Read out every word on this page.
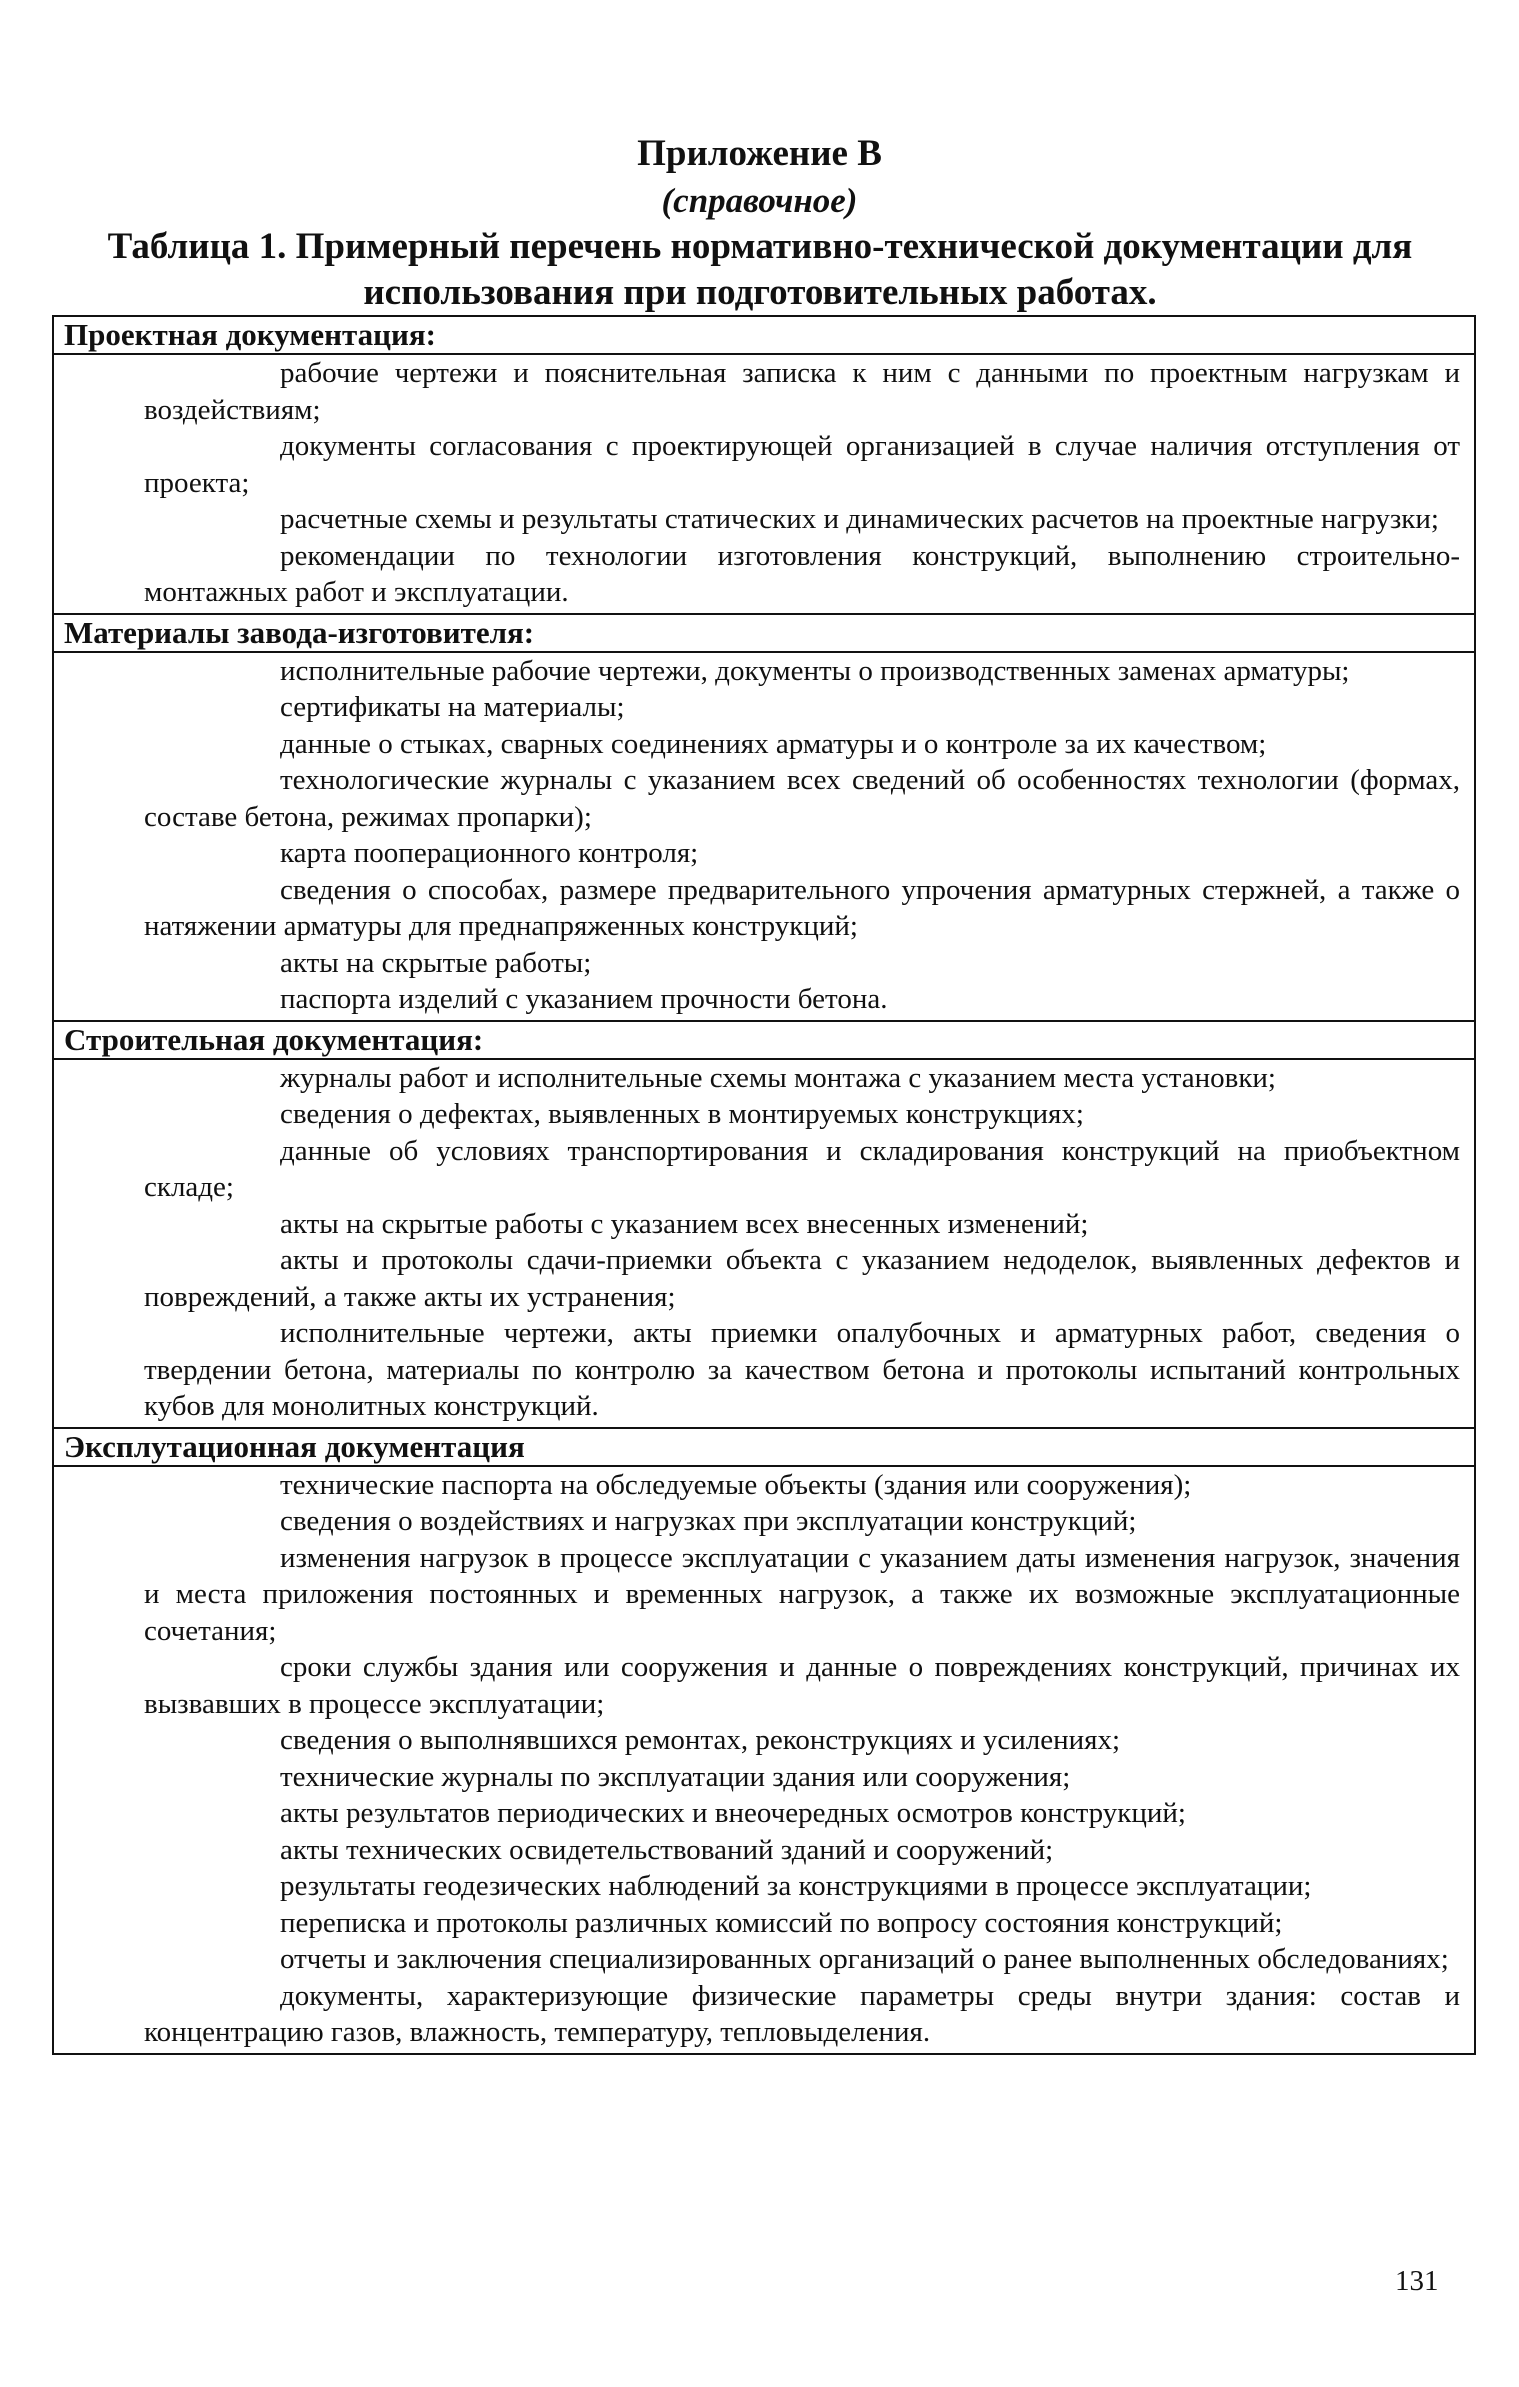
Приложение В
(справочное)
Таблица 1. Примерный перечень нормативно-технической документации для использования при подготовительных работах.
Проектная документация:

рабочие чертежи и пояснительная записка к ним с данными по проектным нагрузкам и воздействиям;

документы согласования с проектирующей организацией в случае наличия отступления от проекта;

расчетные схемы и результаты статических и динамических расчетов на проектные нагрузки;

рекомендации по технологии изготовления конструкций, выполнению строительно-монтажных работ и эксплуатации.

Материалы завода-изготовителя:

исполнительные рабочие чертежи, документы о производственных заменах арматуры;

сертификаты на материалы;

данные о стыках, сварных соединениях арматуры и о контроле за их качеством;

технологические журналы с указанием всех сведений об особенностях технологии (формах, составе бетона, режимах пропарки);

карта пооперационного контроля;

сведения о способах, размере предварительного упрочения арматурных стержней, а также о натяжении арматуры для преднапряженных конструкций;

акты на скрытые работы;

паспорта изделий с указанием прочности бетона.

Строительная документация:

журналы работ и исполнительные схемы монтажа с указанием места установки;

сведения о дефектах, выявленных в монтируемых конструкциях;

данные об условиях транспортирования и складирования конструкций на приобъектном складе;

акты на скрытые работы с указанием всех внесенных изменений;

акты и протоколы сдачи-приемки объекта с указанием недоделок, выявленных дефектов и повреждений, а также акты их устранения;

исполнительные чертежи, акты приемки опалубочных и арматурных работ, сведения о твердении бетона, материалы по контролю за качеством бетона и протоколы испытаний контрольных кубов для монолитных конструкций.

Эксплутационная документация

технические паспорта на обследуемые объекты (здания или сооружения);

сведения о воздействиях и нагрузках при эксплуатации конструкций;

изменения нагрузок в процессе эксплуатации с указанием даты изменения нагрузок, значения и места приложения постоянных и временных нагрузок, а также их возможные эксплуатационные сочетания;

сроки службы здания или сооружения и данные о повреждениях конструкций, причинах их вызвавших в процессе эксплуатации;

сведения о выполнявшихся ремонтах, реконструкциях и усилениях;

технические журналы по эксплуатации здания или сооружения;

акты результатов периодических и внеочередных осмотров конструкций;

акты технических освидетельствований зданий и сооружений;

результаты геодезических наблюдений за конструкциями в процессе эксплуатации;

переписка и протоколы различных комиссий по вопросу состояния конструкций;

отчеты и заключения специализированных организаций о ранее выполненных обследованиях;

документы, характеризующие физические параметры среды внутри здания: состав и концентрацию газов, влажность, температуру, тепловыделения.

131
